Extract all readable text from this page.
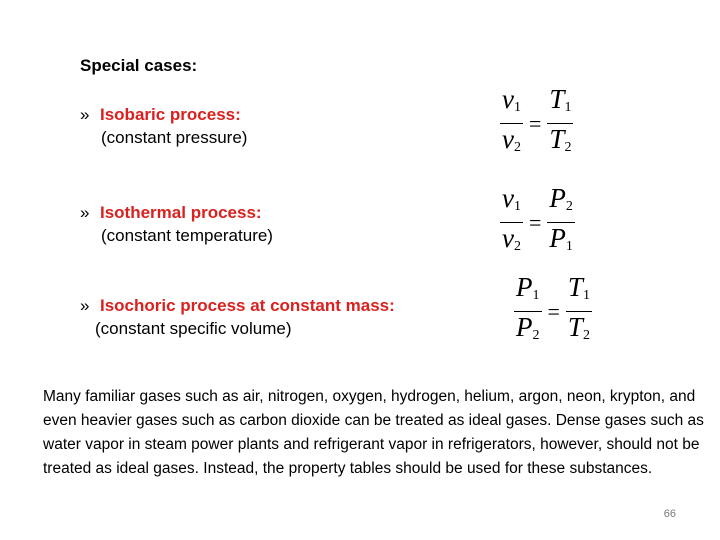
Special cases:
» Isobaric process:
(constant pressure)	$\frac{v_1}{v_2} = \frac{T_1}{T_2}$
» Isothermal process:
(constant temperature)	$\frac{v_1}{v_2} = \frac{P_2}{P_1}$
» Isochoric process at constant mass:
(constant specific volume)	$\frac{P_1}{P_2} = \frac{T_1}{T_2}$
Many familiar gases such as air, nitrogen, oxygen, hydrogen, helium, argon, neon, krypton, and even heavier gases such as carbon dioxide can be treated as ideal gases. Dense gases such as water vapor in steam power plants and refrigerant vapor in refrigerators, however, should not be treated as ideal gases. Instead, the property tables should be used for these substances.
66
